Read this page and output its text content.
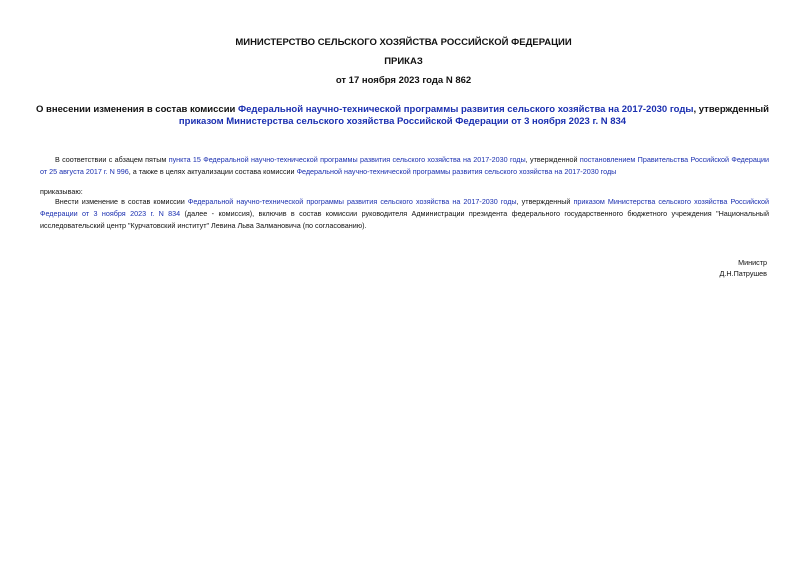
МИНИСТЕРСТВО СЕЛЬСКОГО ХОЗЯЙСТВА РОССИЙСКОЙ ФЕДЕРАЦИИ
ПРИКАЗ
от 17 ноября 2023 года N 862
О внесении изменения в состав комиссии Федеральной научно-технической программы развития сельского хозяйства на 2017-2030 годы, утвержденный приказом Министерства сельского хозяйства Российской Федерации от 3 ноября 2023 г. N 834
В соответствии с абзацем пятым пункта 15 Федеральной научно-технической программы развития сельского хозяйства на 2017-2030 годы, утвержденной постановлением Правительства Российской Федерации от 25 августа 2017 г. N 996, а также в целях актуализации состава комиссии Федеральной научно-технической программы развития сельского хозяйства на 2017-2030 годы
приказываю:
Внести изменение в состав комиссии Федеральной научно-технической программы развития сельского хозяйства на 2017-2030 годы, утвержденный приказом Министерства сельского хозяйства Российской Федерации от 3 ноября 2023 г. N 834 (далее - комиссия), включив в состав комиссии руководителя Администрации президента федерального государственного бюджетного учреждения "Национальный исследовательский центр "Курчатовский институт" Левина Льва Залмановича (по согласованию).
Министр
Д.Н.Патрушев
